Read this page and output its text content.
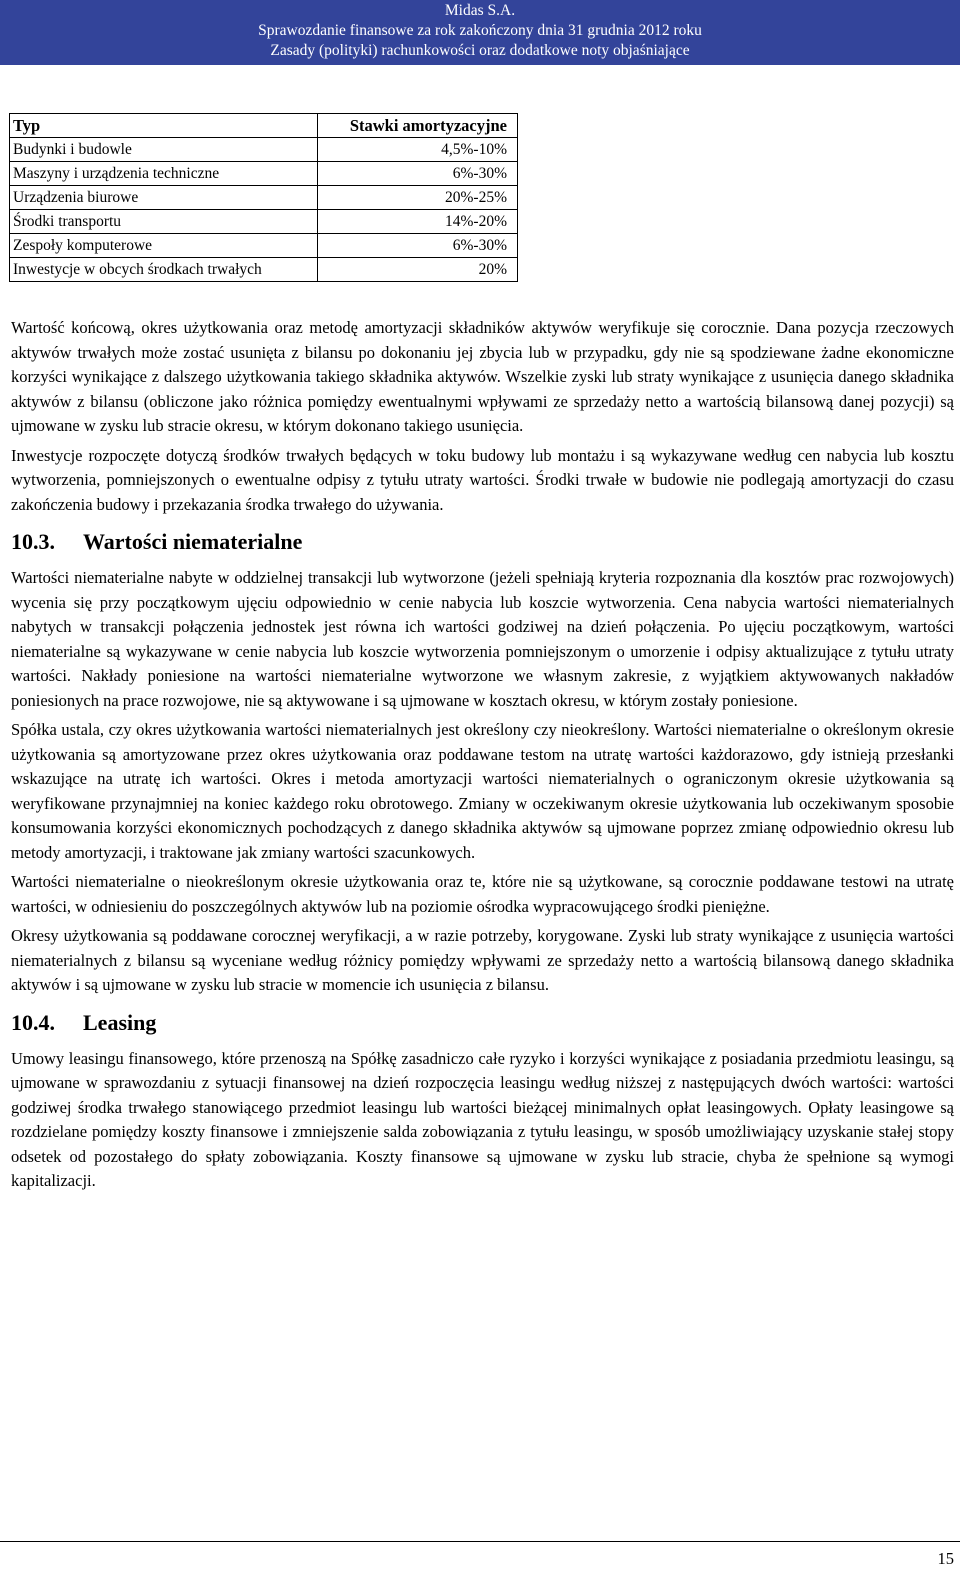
Midas S.A.
Sprawozdanie finansowe za rok zakończony dnia 31 grudnia 2012 roku
Zasady (polityki) rachunkowości oraz dodatkowe noty objaśniające
Typ	Stawki amortyzacyjne
Budynki i budowle	4,5%-10%
Maszyny i urządzenia techniczne	6%-30%
Urządzenia biurowe	20%-25%
Środki transportu	14%-20%
Zespoły komputerowe	6%-30%
Inwestycje w obcych środkach trwałych	20%

Wartość końcową, okres użytkowania oraz metodę amortyzacji składników aktywów weryfikuje się corocznie. Dana pozycja rzeczowych aktywów trwałych może zostać usunięta z bilansu po dokonaniu jej zbycia lub w przypadku, gdy nie są spodziewane żadne ekonomiczne korzyści wynikające z dalszego użytkowania takiego składnika aktywów. Wszelkie zyski lub straty wynikające z usunięcia danego składnika aktywów z bilansu (obliczone jako różnica pomiędzy ewentualnymi wpływami ze sprzedaży netto a wartością bilansową danej pozycji) są ujmowane w zysku lub stracie okresu, w którym dokonano takiego usunięcia.

Inwestycje rozpoczęte dotyczą środków trwałych będących w toku budowy lub montażu i są wykazywane według cen nabycia lub kosztu wytworzenia, pomniejszonych o ewentualne odpisy z tytułu utraty wartości. Środki trwałe w budowie nie podlegają amortyzacji do czasu zakończenia budowy i przekazania środka trwałego do używania.

10.3. Wartości niematerialne

Wartości niematerialne nabyte w oddzielnej transakcji lub wytworzone (jeżeli spełniają kryteria rozpoznania dla kosztów prac rozwojowych) wycenia się przy początkowym ujęciu odpowiednio w cenie nabycia lub koszcie wytworzenia. Cena nabycia wartości niematerialnych nabytych w transakcji połączenia jednostek jest równa ich wartości godziwej na dzień połączenia. Po ujęciu początkowym, wartości niematerialne są wykazywane w cenie nabycia lub koszcie wytworzenia pomniejszonym o umorzenie i odpisy aktualizujące z tytułu utraty wartości. Nakłady poniesione na wartości niematerialne wytworzone we własnym zakresie, z wyjątkiem aktywowanych nakładów poniesionych na prace rozwojowe, nie są aktywowane i są ujmowane w kosztach okresu, w którym zostały poniesione.

Spółka ustala, czy okres użytkowania wartości niematerialnych jest określony czy nieokreślony. Wartości niematerialne o określonym okresie użytkowania są amortyzowane przez okres użytkowania oraz poddawane testom na utratę wartości każdorazowo, gdy istnieją przesłanki wskazujące na utratę ich wartości. Okres i metoda amortyzacji wartości niematerialnych o ograniczonym okresie użytkowania są weryfikowane przynajmniej na koniec każdego roku obrotowego. Zmiany w oczekiwanym okresie użytkowania lub oczekiwanym sposobie konsumowania korzyści ekonomicznych pochodzących z danego składnika aktywów są ujmowane poprzez zmianę odpowiednio okresu lub metody amortyzacji, i traktowane jak zmiany wartości szacunkowych.

Wartości niematerialne o nieokreślonym okresie użytkowania oraz te, które nie są użytkowane, są corocznie poddawane testowi na utratę wartości, w odniesieniu do poszczególnych aktywów lub na poziomie ośrodka wypracowującego środki pieniężne.

Okresy użytkowania są poddawane corocznej weryfikacji, a w razie potrzeby, korygowane. Zyski lub straty wynikające z usunięcia wartości niematerialnych z bilansu są wyceniane według różnicy pomiędzy wpływami ze sprzedaży netto a wartością bilansową danego składnika aktywów i są ujmowane w zysku lub stracie w momencie ich usunięcia z bilansu.

10.4. Leasing

Umowy leasingu finansowego, które przenoszą na Spółkę zasadniczo całe ryzyko i korzyści wynikające z posiadania przedmiotu leasingu, są ujmowane w sprawozdaniu z sytuacji finansowej na dzień rozpoczęcia leasingu według niższej z następujących dwóch wartości: wartości godziwej środka trwałego stanowiącego przedmiot leasingu lub wartości bieżącej minimalnych opłat leasingowych. Opłaty leasingowe są rozdzielane pomiędzy koszty finansowe i zmniejszenie salda zobowiązania z tytułu leasingu, w sposób umożliwiający uzyskanie stałej stopy odsetek od pozostałego do spłaty zobowiązania. Koszty finansowe są ujmowane w zysku lub stracie, chyba że spełnione są wymogi kapitalizacji.

15
